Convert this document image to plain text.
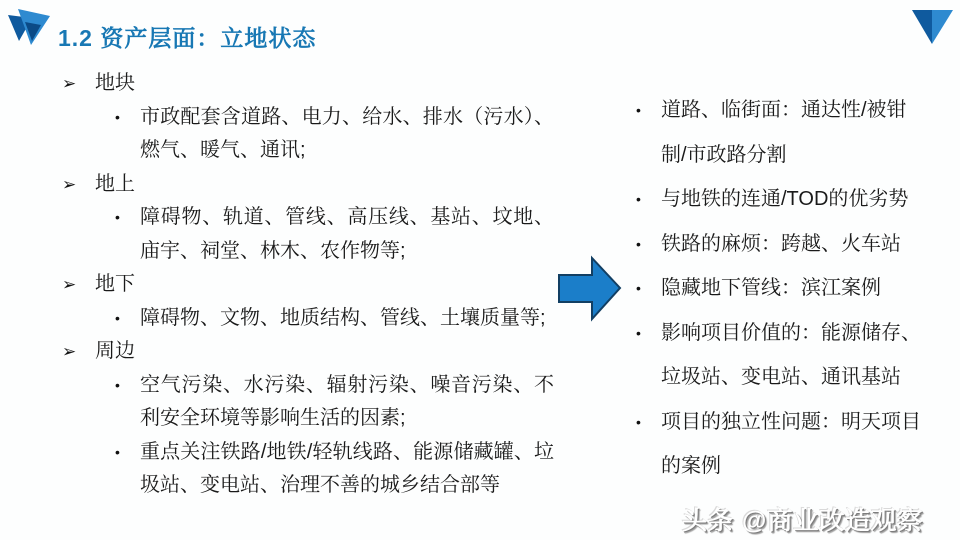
1.2 资产层面：立地状态
➢ 地块
• 市政配套含道路、电力、给水、排水（污水）、燃气、暖气、通讯;
➢ 地上
• 障碍物、轨道、管线、高压线、基站、坟地、庙宇、祠堂、林木、农作物等;
➢ 地下
• 障碍物、文物、地质结构、管线、土壤质量等;
➢ 周边
• 空气污染、水污染、辐射污染、噪音污染、不利安全环境等影响生活的因素;
• 重点关注铁路/地铁/轻轨线路、能源储藏罐、垃圾站、变电站、治理不善的城乡结合部等
• 道路、临街面：通达性/被钳制/市政路分割
• 与地铁的连通/TOD的优劣势
• 铁路的麻烦：跨越、火车站
• 隐藏地下管线：滨江案例
• 影响项目价值的：能源储存、垃圾站、变电站、通讯基站
• 项目的独立性问题：明天项目的案例
头条 @商业改造观察
